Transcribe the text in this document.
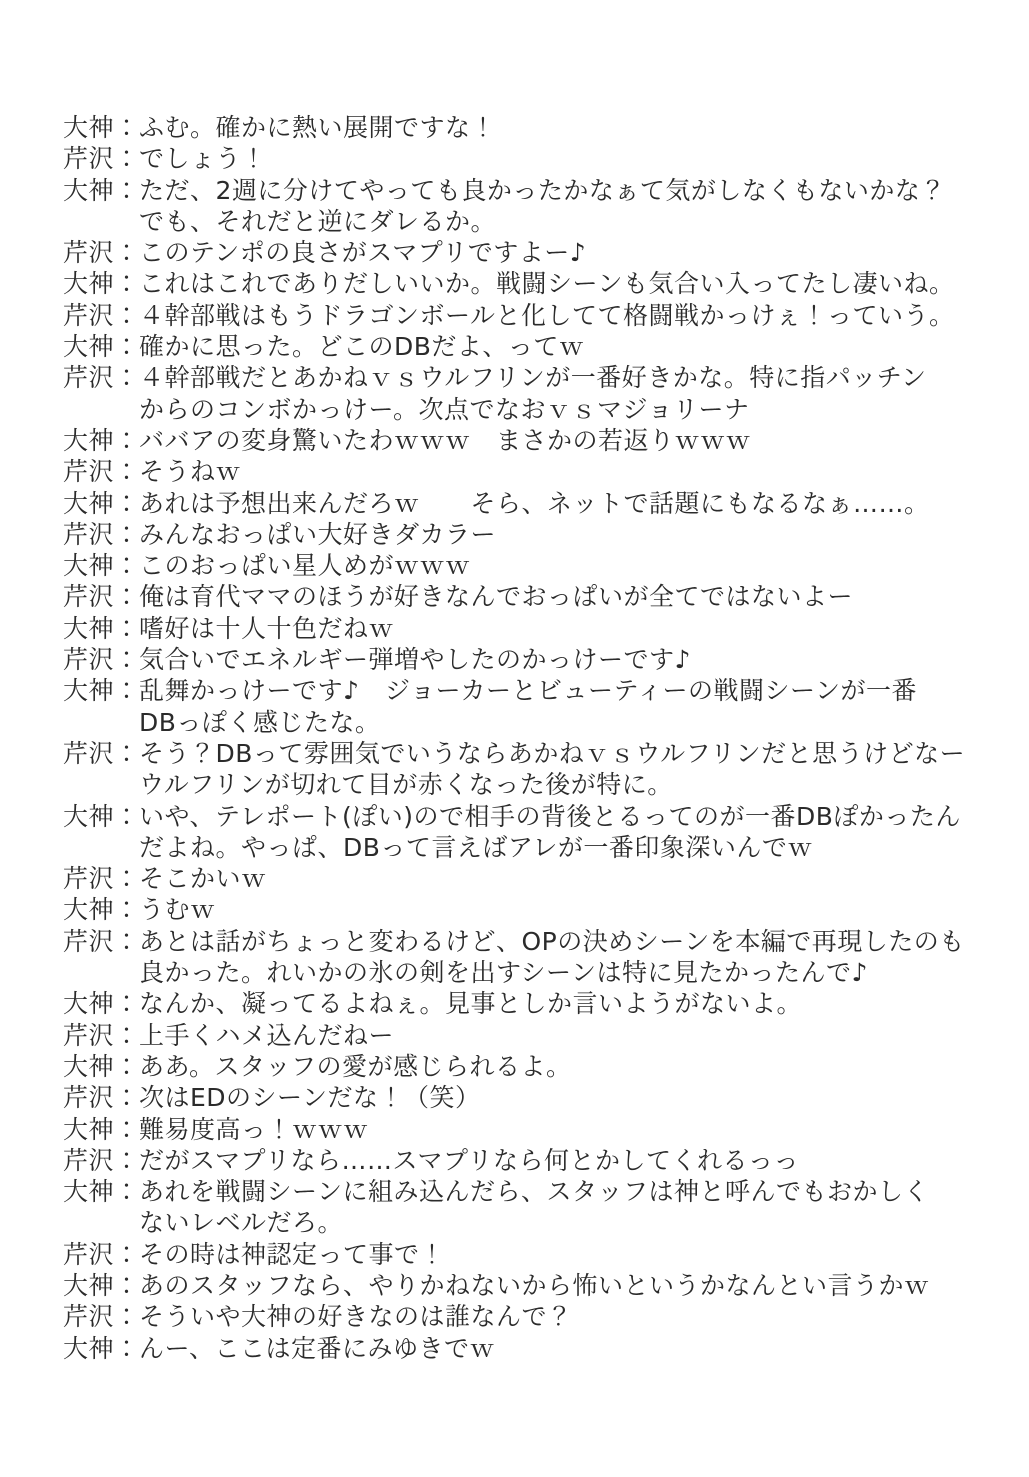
大神：ふむ。確かに熱い展開ですな！
芹沢：でしょう！
大神：ただ、2週に分けてやっても良かったかなぁて気がしなくもないかな？
でも、それだと逆にダレるか。
芹沢：このテンポの良さがスマプリですよー♪
大神：これはこれでありだしいいか。戦闘シーンも気合い入ってたし凄いね。
芹沢：４幹部戦はもうドラゴンボールと化してて格闘戦かっけぇ！っていう。
大神：確かに思った。どこのDBだよ、ってｗ
芹沢：４幹部戦だとあかねｖｓウルフリンが一番好きかな。特に指パッチン
からのコンボかっけー。次点でなおｖｓマジョリーナ
大神：ババアの変身驚いたわｗｗｗ　まさかの若返りｗｗｗ
芹沢：そうねｗ
大神：あれは予想出来んだろｗ　　そら、ネットで話題にもなるなぁ……。
芹沢：みんなおっぱい大好きダカラー
大神：このおっぱい星人めがｗｗｗ
芹沢：俺は育代ママのほうが好きなんでおっぱいが全てではないよー
大神：嗜好は十人十色だねｗ
芹沢：気合いでエネルギー弾増やしたのかっけーです♪
大神：乱舞かっけーです♪　ジョーカーとビューティーの戦闘シーンが一番
DBっぽく感じたな。
芹沢：そう？DBって雰囲気でいうならあかねｖｓウルフリンだと思うけどなー
ウルフリンが切れて目が赤くなった後が特に。
大神：いや、テレポート(ぽい)ので相手の背後とるってのが一番DBぽかったん
だよね。やっぱ、DBって言えばアレが一番印象深いんでｗ
芹沢：そこかいｗ
大神：うむｗ
芹沢：あとは話がちょっと変わるけど、OPの決めシーンを本編で再現したのも
良かった。れいかの氷の剣を出すシーンは特に見たかったんで♪
大神：なんか、凝ってるよねぇ。見事としか言いようがないよ。
芹沢：上手くハメ込んだねー
大神：ああ。スタッフの愛が感じられるよ。
芹沢：次はEDのシーンだな！（笑）
大神：難易度高っ！ｗｗｗ
芹沢：だがスマプリなら……スマプリなら何とかしてくれるっっ
大神：あれを戦闘シーンに組み込んだら、スタッフは神と呼んでもおかしく
ないレベルだろ。
芹沢：その時は神認定って事で！
大神：あのスタッフなら、やりかねないから怖いというかなんとい言うかｗ
芹沢：そういや大神の好きなのは誰なんで？
大神：んー、ここは定番にみゆきでｗ
